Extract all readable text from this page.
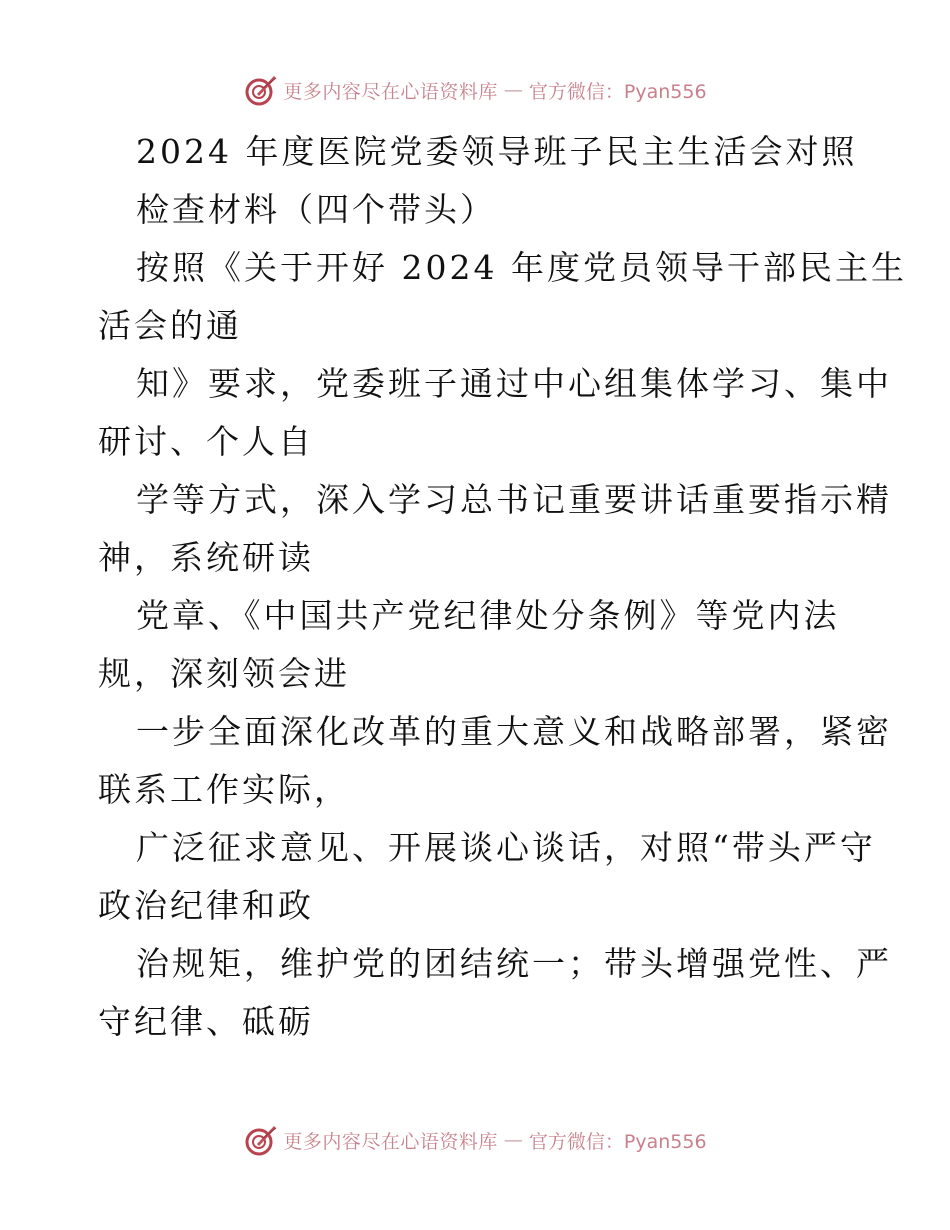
更多内容尽在心语资料库 — 官方微信：Pyan556
2024 年度医院党委领导班子民主生活会对照
检查材料（四个带头）
按照《关于开好 2024 年度党员领导干部民主生
活会的通
知》要求，党委班子通过中心组集体学习、集中
研讨、个人自
学等方式，深入学习总书记重要讲话重要指示精
神，系统研读
党章、《中国共产党纪律处分条例》等党内法
规，深刻领会进
一步全面深化改革的重大意义和战略部署，紧密
联系工作实际，
广泛征求意见、开展谈心谈话，对照“带头严守
政治纪律和政
治规矩，维护党的团结统一；带头增强党性、严
守纪律、砥砺
更多内容尽在心语资料库 — 官方微信：Pyan556
